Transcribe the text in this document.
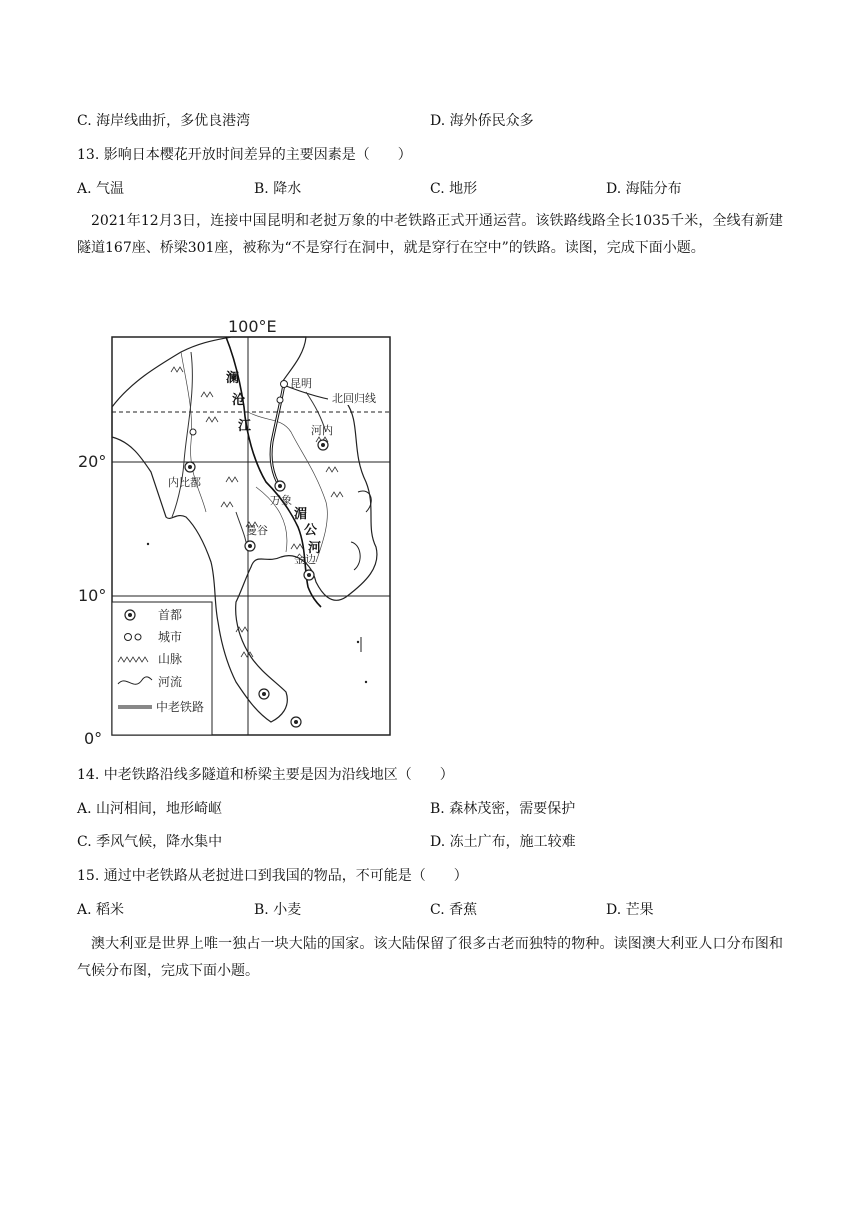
C. 海岸线曲折，多优良港湾	D. 海外侨民众多
13. 影响日本樱花开放时间差异的主要因素是（　　）
A. 气温	B. 降水	C. 地形	D. 海陆分布
2021年12月3日，连接中国昆明和老挝万象的中老铁路正式开通运营。该铁路线路全长1035千米，全线有新建隧道167座、桥梁301座，被称为“不是穿行在洞中，就是穿行在空中”的铁路。读图，完成下面小题。
100°E
20°
10°
0°
北回归线
昆明
河内
内比都
万象
曼谷
金边
澜
沧
江
湄
公
河
首都
城市
山脉
河流
中老铁路
14. 中老铁路沿线多隧道和桥梁主要是因为沿线地区（　　）
A. 山河相间，地形崎岖	B. 森林茂密，需要保护
C. 季风气候，降水集中	D. 冻土广布，施工较难
15. 通过中老铁路从老挝进口到我国的物品，不可能是（　　）
A. 稻米	B. 小麦	C. 香蕉	D. 芒果
澳大利亚是世界上唯一独占一块大陆的国家。该大陆保留了很多古老而独特的物种。读图澳大利亚人口分布图和气候分布图，完成下面小题。
